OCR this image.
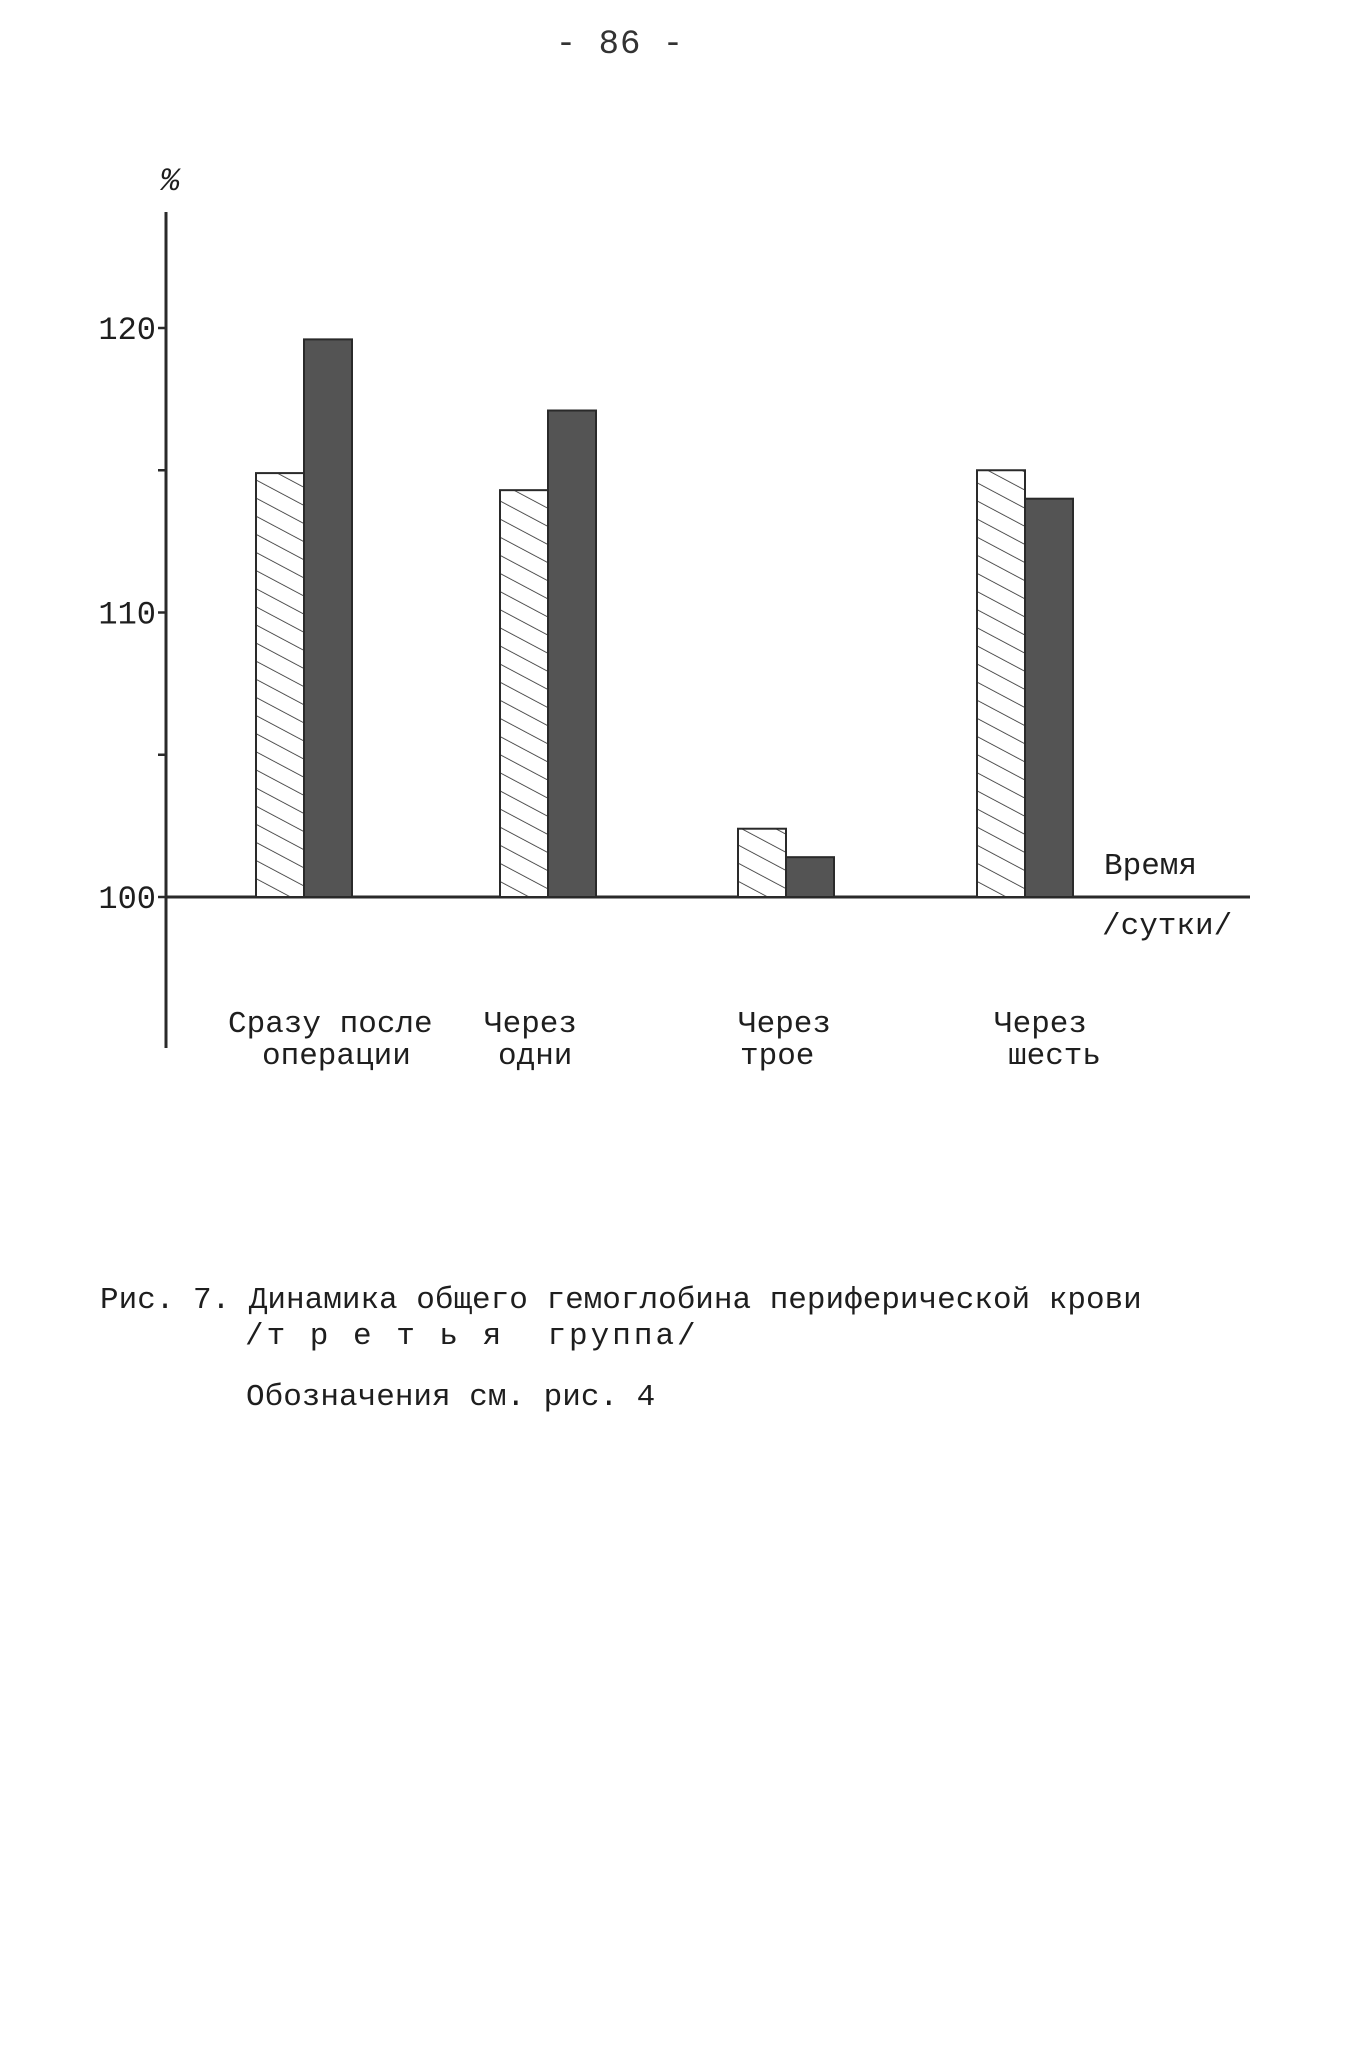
- 86 -
%
100
110
120
Сразу после
операции
Через
одни
Через
трое
Через
шесть
Время
/сутки/
Рис. 7. Динамика общего гемоглобина периферической крови
/т р е т ь я  группа/
Обозначения см. рис. 4
